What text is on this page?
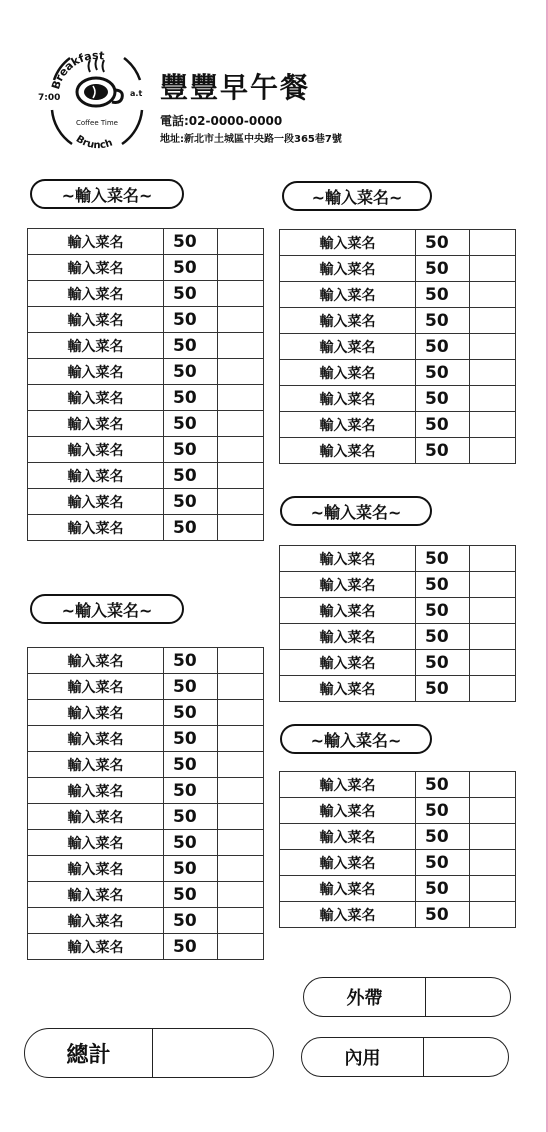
Breakfast
Brunch
7:00	a.t
Coffee Time
豐豐早午餐
電話:02-0000-0000
地址:新北市土城區中央路一段365巷7號
~輸入菜名~	~輸入菜名~
~輸入菜名~
~輸入菜名~
~輸入菜名~
輸入菜名	50	
輸入菜名	50	
輸入菜名	50	
輸入菜名	50	
輸入菜名	50	
輸入菜名	50	
輸入菜名	50	
輸入菜名	50	
輸入菜名	50	
輸入菜名	50	
輸入菜名	50	
輸入菜名	50	
輸入菜名	50	
輸入菜名	50	
輸入菜名	50	
輸入菜名	50	
輸入菜名	50	
輸入菜名	50	
輸入菜名	50	
輸入菜名	50	
輸入菜名	50	
輸入菜名	50	
輸入菜名	50	
輸入菜名	50	
輸入菜名	50	
輸入菜名	50	
輸入菜名	50	
輸入菜名	50	
輸入菜名	50	
輸入菜名	50	
輸入菜名	50	
輸入菜名	50	
輸入菜名	50	
輸入菜名	50	
輸入菜名	50	
輸入菜名	50	
輸入菜名	50	
輸入菜名	50	
輸入菜名	50	
輸入菜名	50	
輸入菜名	50	
輸入菜名	50	
輸入菜名	50	
輸入菜名	50	
輸入菜名	50	
外帶
內用
總計
